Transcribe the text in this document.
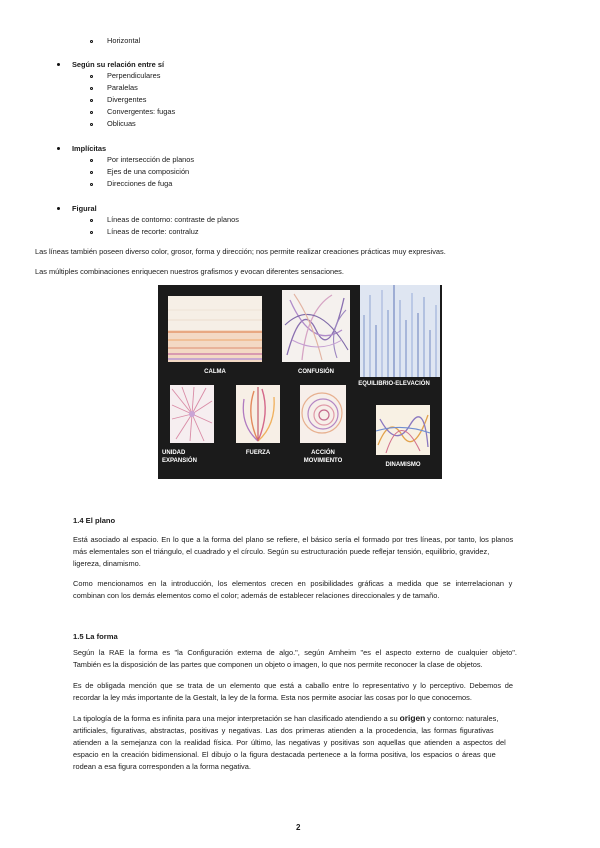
Horizontal
Según su relación entre sí
Perpendiculares
Paralelas
Divergentes
Convergentes: fugas
Oblicuas
Implícitas
Por intersección de planos
Ejes de una composición
Direcciones de fuga
Figural
Líneas de contorno: contraste de planos
Líneas de recorte: contraluz
Las líneas también poseen diverso color, grosor, forma y dirección; nos permite realizar creaciones prácticas muy expresivas.
Las múltiples combinaciones enriquecen nuestros grafismos y evocan diferentes sensaciones.
CALMA	CONFUSIÓN
EQUILIBRIO-ELEVACIÓN
UNIDAD
EXPANSIÓN
FUERZA	ACCIÓN
MOVIMIENTO
DINAMISMO
1.4 El plano
Está asociado al espacio. En lo que a la forma del plano se refiere, el básico sería el formado por tres líneas, por tanto, los planos
más elementales son el triángulo, el cuadrado y el círculo. Según su estructuración puede reflejar tensión, equilibrio, gravidez,
ligereza, dinamismo.
Como mencionamos en la introducción, los elementos crecen en posibilidades gráficas a medida que se interrelacionan y
combinan con los demás elementos como el color; además de establecer relaciones direccionales y de tamaño.
1.5 La forma
Según la RAE la forma es "la Configuración externa de algo.", según Arnheim "es el aspecto externo de cualquier objeto".
También es la disposición de las partes que componen un objeto o imagen, lo que nos permite reconocer la clase de objetos.
Es de obligada mención que se trata de un elemento que está a caballo entre lo representativo y lo perceptivo. Debemos de
recordar la ley más importante de la Gestalt, la ley de la forma. Esta nos permite asociar las cosas por lo que conocemos.
La tipología de la forma es infinita para una mejor interpretación se han clasificado atendiendo a su origen y contorno: naturales,
artificiales, figurativas, abstractas, positivas y negativas. Las dos primeras atienden a la procedencia, las formas figurativas
atienden a la semejanza con la realidad física. Por último, las negativas y positivas son aquellas que atienden a aspectos del
espacio en la creación bidimensional. El dibujo o la figura destacada pertenece a la forma positiva, los espacios o áreas que
rodean a esa figura corresponden a la forma negativa.
2
